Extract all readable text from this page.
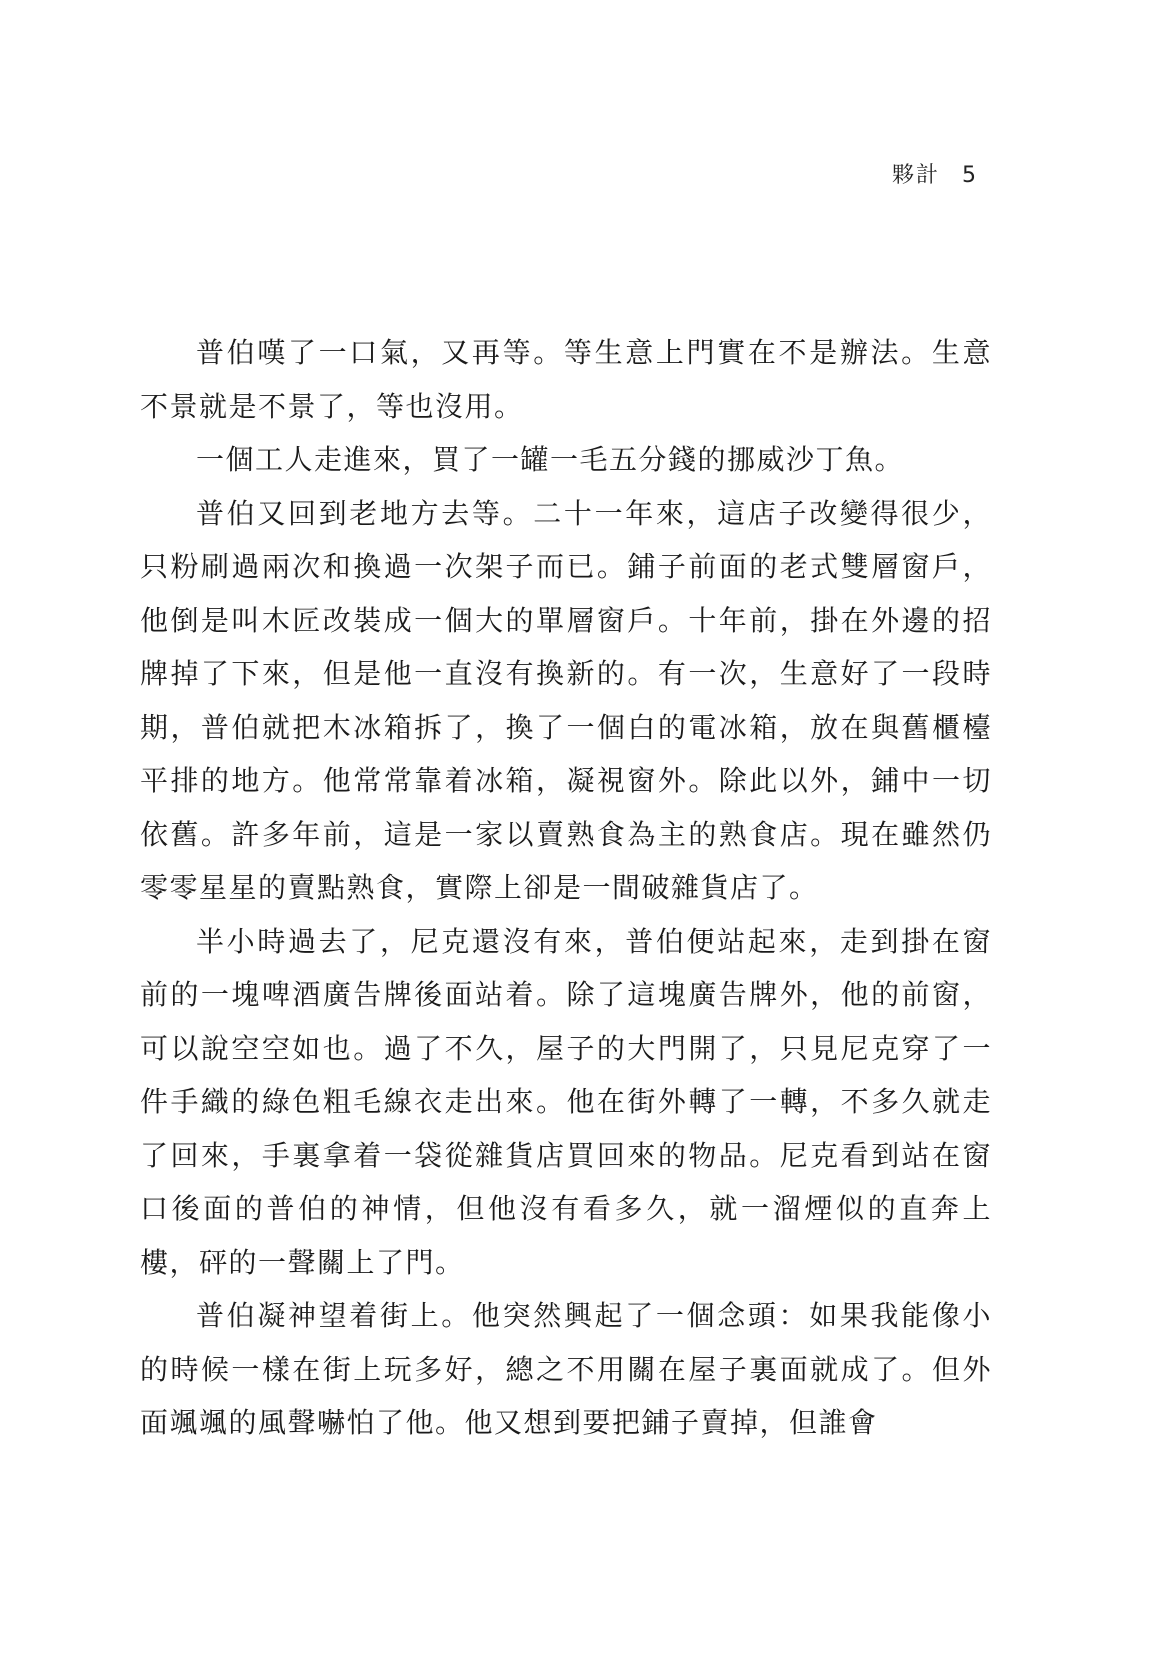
夥計 5

普伯嘆了一口氣，又再等。等生意上門實在不是辦法。生意不景就是不景了，等也沒用。

一個工人走進來，買了一罐一毛五分錢的挪威沙丁魚。

普伯又回到老地方去等。二十一年來，這店子改變得很少，只粉刷過兩次和換過一次架子而已。鋪子前面的老式雙層窗戶，他倒是叫木匠改裝成一個大的單層窗戶。十年前，掛在外邊的招牌掉了下來，但是他一直沒有換新的。有一次，生意好了一段時期，普伯就把木冰箱拆了，換了一個白的電冰箱，放在與舊櫃檯平排的地方。他常常靠着冰箱，凝視窗外。除此以外，鋪中一切依舊。許多年前，這是一家以賣熟食為主的熟食店。現在雖然仍零零星星的賣點熟食，實際上卻是一間破雜貨店了。

半小時過去了，尼克還沒有來，普伯便站起來，走到掛在窗前的一塊啤酒廣告牌後面站着。除了這塊廣告牌外，他的前窗，可以說空空如也。過了不久，屋子的大門開了，只見尼克穿了一件手織的綠色粗毛線衣走出來。他在街外轉了一轉，不多久就走了回來，手裏拿着一袋從雜貨店買回來的物品。尼克看到站在窗口後面的普伯的神情，但他沒有看多久，就一溜煙似的直奔上樓，砰的一聲關上了門。

普伯凝神望着街上。他突然興起了一個念頭：如果我能像小的時候一樣在街上玩多好，總之不用關在屋子裏面就成了。但外面颯颯的風聲嚇怕了他。他又想到要把鋪子賣掉，但誰會
